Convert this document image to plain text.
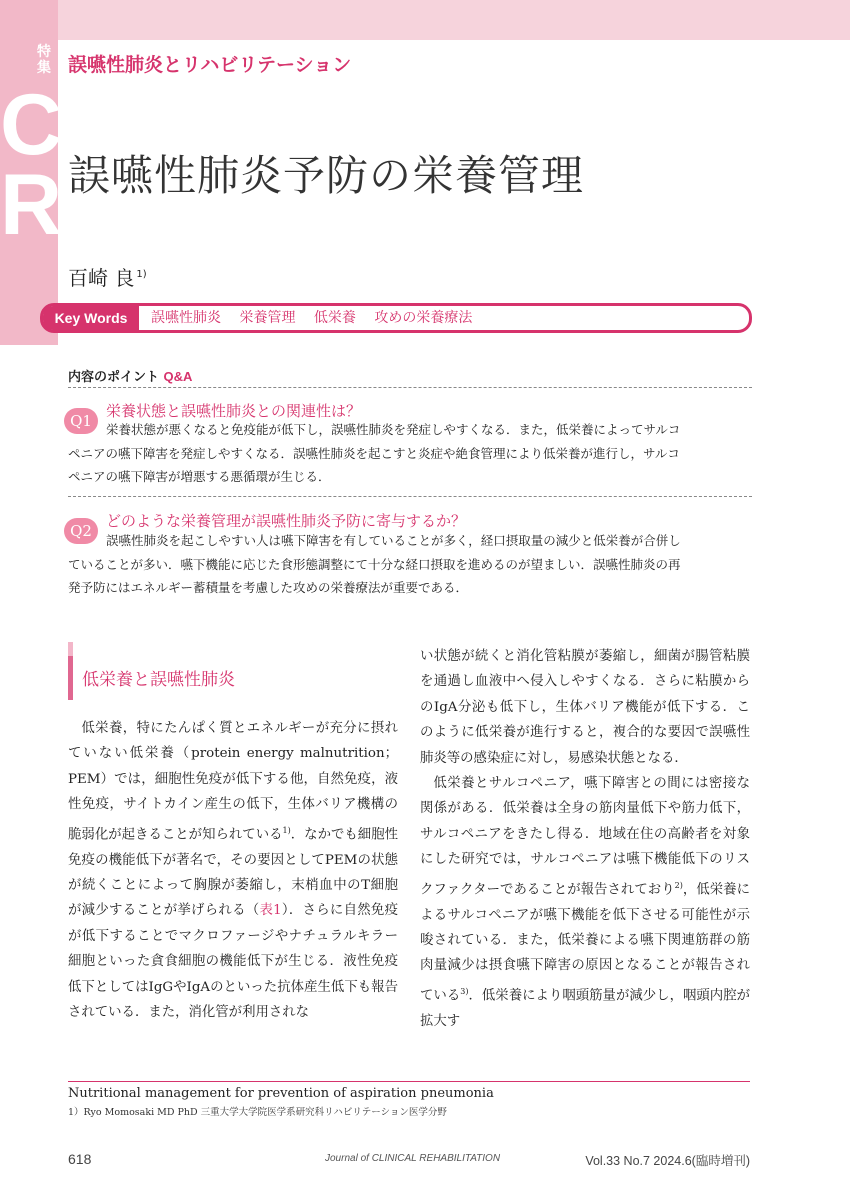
特集 誤嚥性肺炎とリハビリテーション
C
R 誤嚥性肺炎予防の栄養管理
百崎 良 $^{1)}$
Key Words	誤嚥性肺炎 栄養管理 低栄養 攻めの栄養療法
内容のポイント Q&A
Q1
栄養状態と誤嚥性肺炎との関連性は？
栄養状態が悪くなると免疫能が低下し，誤嚥性肺炎を発症しやすくなる．また，低栄養によってサルコ
ペニアの嚥下障害を発症しやすくなる．誤嚥性肺炎を起こすと炎症や絶食管理により低栄養が進行し，サルコ
ペニアの嚥下障害が増悪する悪循環が生じる．
Q2
どのような栄養管理が誤嚥性肺炎予防に寄与するか？
誤嚥性肺炎を起こしやすい人は嚥下障害を有していることが多く，経口摂取量の減少と低栄養が合併し
ていることが多い．嚥下機能に応じた食形態調整にて十分な経口摂取を進めるのが望ましい．誤嚥性肺炎の再
発予防にはエネルギー蓄積量を考慮した攻めの栄養療法が重要である．
低栄養と誤嚥性肺炎

低栄養，特にたんぱく質とエネルギーが充分に摂れていない低栄養（protein energy malnutrition；PEM）では，細胞性免疫が低下する他，自然免疫，液性免疫，サイトカイン産生の低下，生体バリア機構の脆弱化が起きることが知られている$^{1)}$．なかでも細胞性免疫の機能低下が著名で，その要因としてPEMの状態が続くことによって胸腺が萎縮し，末梢血中のT細胞が減少することが挙げられる（表1）．さらに自然免疫が低下することでマクロファージやナチュラルキラー細胞といった貪食細胞の機能低下が生じる．液性免疫低下としてはIgGやIgAのといった抗体産生低下も報告されている．また，消化管が利用されな

い状態が続くと消化管粘膜が萎縮し，細菌が腸管粘膜を通過し血液中へ侵入しやすくなる．さらに粘膜からのIgA分泌も低下し，生体バリア機能が低下する．このように低栄養が進行すると，複合的な要因で誤嚥性肺炎等の感染症に対し，易感染状態となる．

低栄養とサルコペニア，嚥下障害との間には密接な関係がある．低栄養は全身の筋肉量低下や筋力低下，サルコペニアをきたし得る．地域在住の高齢者を対象にした研究では，サルコペニアは嚥下機能低下のリスクファクターであることが報告されており$^{2)}$，低栄養によるサルコペニアが嚥下機能を低下させる可能性が示唆されている．また，低栄養による嚥下関連筋群の筋肉量減少は摂食嚥下障害の原因となることが報告されている$^{3)}$．低栄養により咽頭筋量が減少し，咽頭内腔が拡大す

Nutritional management for prevention of aspiration pneumonia
1）Ryo Momosaki MD PhD 三重大学大学院医学系研究科リハビリテーション医学分野
618	Journal of CLINICAL REHABILITATION	Vol.33 No.7 2024.6(臨時増刊)
